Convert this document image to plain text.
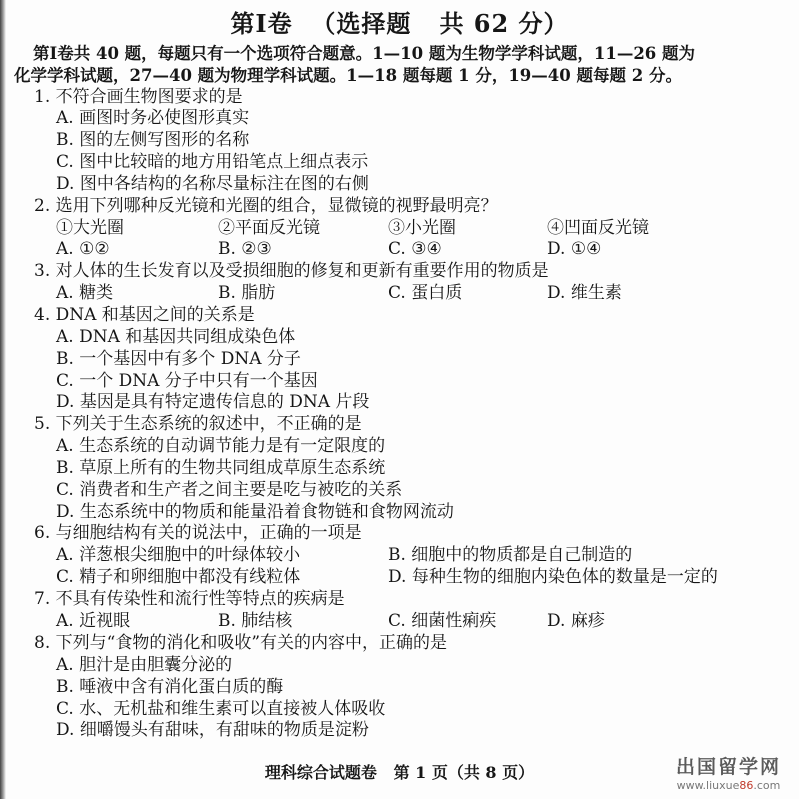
第Ⅰ卷  （选择题   共 62 分）
第Ⅰ卷共 40 题，每题只有一个选项符合题意。1—10 题为生物学学科试题，11—26 题为
化学学科试题，27—40 题为物理学科试题。1—18 题每题 1 分，19—40 题每题 2 分。
1. 不符合画生物图要求的是
A. 画图时务必使图形真实
B. 图的左侧写图形的名称
C. 图中比较暗的地方用铅笔点上细点表示
D. 图中各结构的名称尽量标注在图的右侧
2. 选用下列哪种反光镜和光圈的组合，显微镜的视野最明亮？
①大光圈	②平面反光镜	③小光圈	④凹面反光镜
A. ①②	B. ②③	C. ③④	D. ①④
3. 对人体的生长发育以及受损细胞的修复和更新有重要作用的物质是
A. 糖类	B. 脂肪	C. 蛋白质	D. 维生素
4. DNA 和基因之间的关系是
A. DNA 和基因共同组成染色体
B. 一个基因中有多个 DNA 分子
C. 一个 DNA 分子中只有一个基因
D. 基因是具有特定遗传信息的 DNA 片段
5. 下列关于生态系统的叙述中，不正确的是
A. 生态系统的自动调节能力是有一定限度的
B. 草原上所有的生物共同组成草原生态系统
C. 消费者和生产者之间主要是吃与被吃的关系
D. 生态系统中的物质和能量沿着食物链和食物网流动
6. 与细胞结构有关的说法中，正确的一项是
A. 洋葱根尖细胞中的叶绿体较小	B. 细胞中的物质都是自己制造的
C. 精子和卵细胞中都没有线粒体	D. 每种生物的细胞内染色体的数量是一定的
7. 不具有传染性和流行性等特点的疾病是
A. 近视眼	B. 肺结核	C. 细菌性痢疾	D. 麻疹
8. 下列与“食物的消化和吸收”有关的内容中，正确的是
A. 胆汁是由胆囊分泌的
B. 唾液中含有消化蛋白质的酶
C. 水、无机盐和维生素可以直接被人体吸收
D. 细嚼馒头有甜味，有甜味的物质是淀粉
理科综合试题卷   第 1 页（共 8 页）	出国留学网
www.liuxue86.com
